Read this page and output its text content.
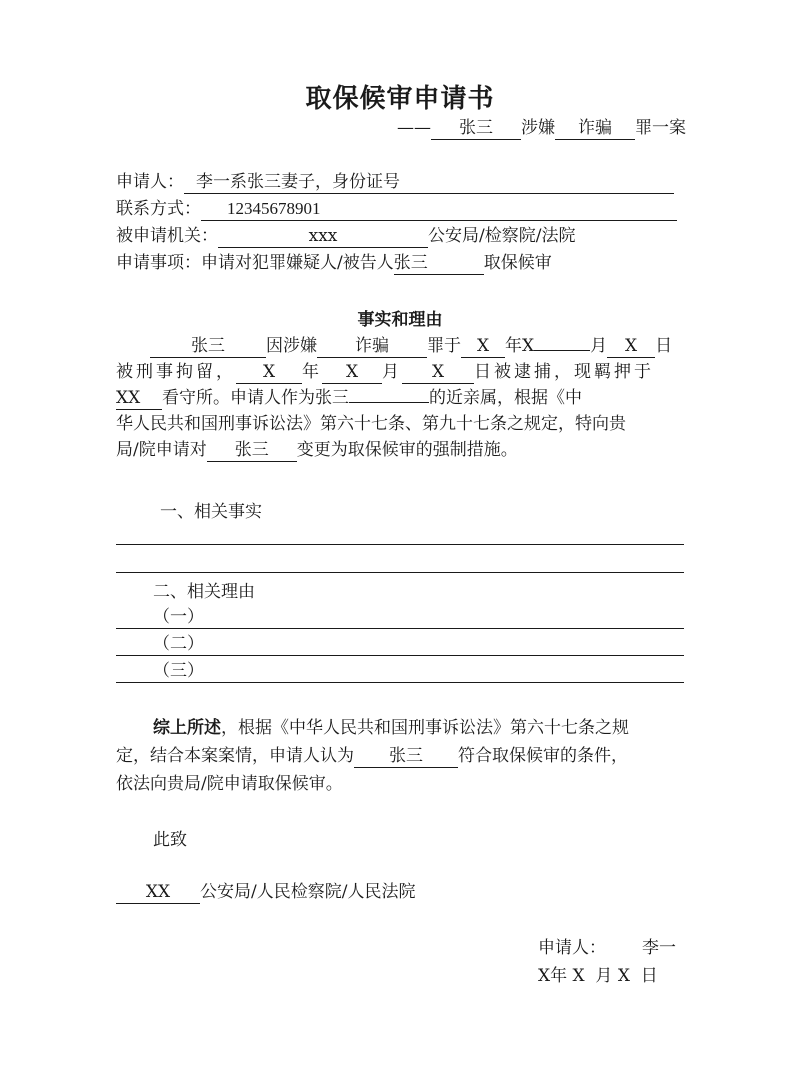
取保候审申请书
—— 张三 涉嫌 诈骗 罪一案
申请人： 李一系张三妻子，身份证号
联系方式： 12345678901
被申请机关：	xxx	公安局/检察院/法院
申请事项：申请对犯罪嫌疑人/被告人张三	取保候审
事实和理由
张三 因涉嫌 诈骗 罪于 X 年X	月 X 日
被刑事拘留， X 年 X 月 X 日被逮捕，现羁押于
XX 看守所。申请人作为张三	的近亲属，根据《中
华人民共和国刑事诉讼法》第六十七条、第九十七条之规定，特向贵
局/院申请对 张三 变更为取保候审的强制措施。
一、相关事实
二、相关理由
（一）
（二）
（三）
综上所述，根据《中华人民共和国刑事诉讼法》第六十七条之规
定，结合本案案情，申请人认为 张三 符合取保候审的条件，
依法向贵局/院申请取保候审。
此致
XX 公安局/人民检察院/人民法院
申请人： 李一
X年 X  月 X  日
